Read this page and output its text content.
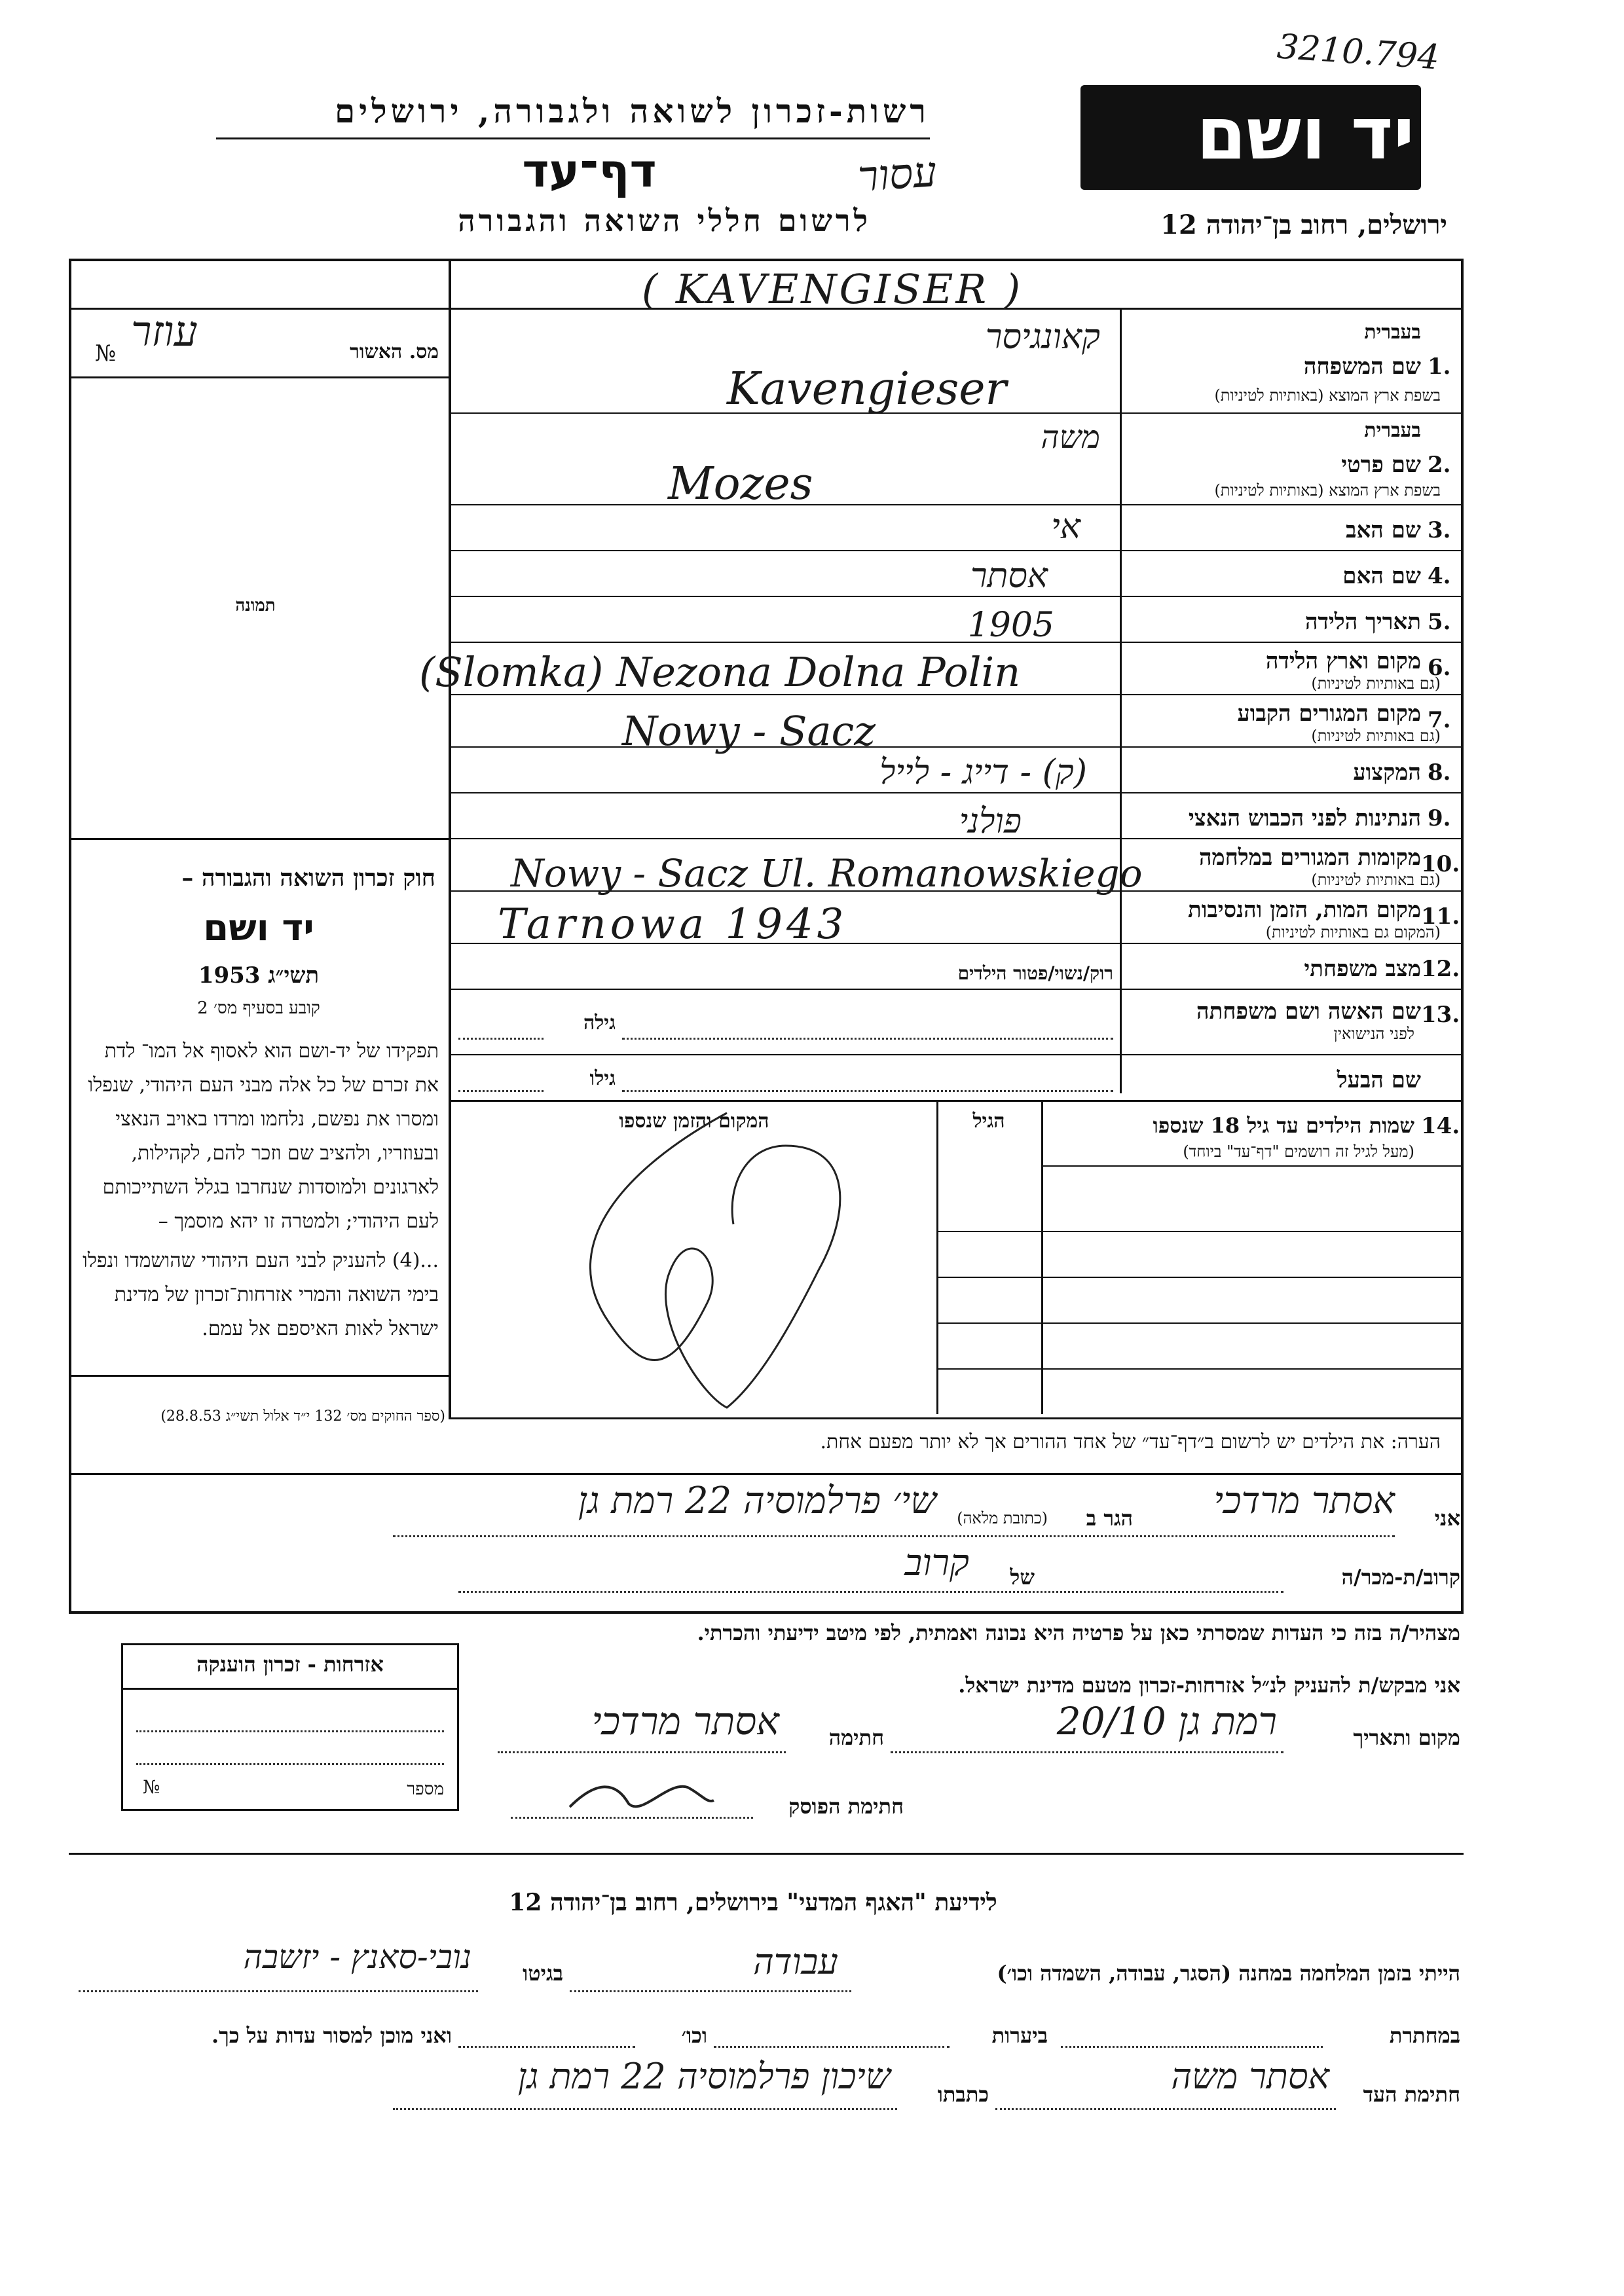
3210.794
יד ושם
רשות-זכרון לשואה ולגבורה, ירושלים
דף־עד	עסור
לרשום חללי השואה והגבורה	ירושלים, רחוב בן־יהודה 12
( KAVENGISER )
№	מס. האשור
עוזר
תמונה
חוק זכרון השואה והגבורה –
יד ושם
תשי״ג 1953
קובע בסעיף מס׳ 2
תפקידו של יד-ושם הוא לאסוף אל המו־ לדת את זכרם של כל אלה מבני העם היהודי, שנפלו ומסרו את נפשם, נלחמו ומרדו באויב הנאצי ובעוזריו, ולהציב שם וזכר להם, לקהילות, לארגונים ולמוסדות שנחרבו בגלל השתייכותם לעם היהודי; ולמטרה זו יהא מוסמך –
...(4) להעניק לבני העם היהודי שהושמדו ונפלו בימי השואה והמרי אזרחות־זכרון של מדינת ישראל לאות האיספם אל עמם.
(ספר החוקים מס׳ 132 י״ד אלול תשי״ג 28.8.53)
בעברית
שם המשפחה 1.
בשפת ארץ המוצא (באותיות לטיניות)
קאונגיסר
Kavengieser
בעברית
שם פרטי 2.
בשפת ארץ המוצא (באותיות לטיניות)
משה
Mozes
שם האב 3.
אי
שם האם 4.
אסתר
תאריך הלידה 5.
1905
מקום וארץ הלידה 6.
(גם באותיות לטיניות)
(Slomka) Nezona Dolna Polin
מקום המגורים הקבוע 7.
(גם באותיות לטיניות)
Nowy - Sacz
המקצוע 8.
(ק) - דייג - לייל
הנתינות לפני הכבוש הנאצי 9.
פולני
מקומות המגורים במלחמה 10.
(גם באותיות לטיניות)
Nowy - Sacz Ul. Romanowskiego
מקום המות, הזמן והנסיבות 11.
(המקום גם באותיות לטיניות)
Tarnowa 1943
מצב משפחתי 12.
רוק/נשוי/פטור הילדים
שם האשה ושם משפחתה 13.
לפני הנישואין
גילה
שם הבעל
גילו
שמות הילדים עד גיל 18 שנספו 14.
(מעל לגיל זה רושמים "דף־עד" ביוחד)
הגיל
המקום והזמן שנספו
הערה: את הילדים יש לרשום ב״דף־עד״ של אחד ההורים אך לא יותר מפעם אחת.
אני
אסתר מרדכי
הגר ב
(כתובת מלאה)
שי׳ פרלמוסיה 22 רמת גן
קרוב/ת-מכר/ה
של
קרוב
מצהיר/ה בזה כי העדות שמסרתי כאן על פרטיה היא נכונה ואמתית, לפי מיטב ידיעתי והכרתי.
אני מבקש/ת להעניק לנ״ל אזרחות-זכרון מטעם מדינת ישראל.
מקום ותאריך
רמת גן 20/10
חתימה
אסתר מרדכי
חתימת הפוסק
אזרחות - זכרון הוענקה
№	מספר
לידיעת "האגף המדעי" בירושלים, רחוב בן־יהודה 12
הייתי בזמן המלחמה במחנה (הסגר, עבודה, השמדה וכו׳)
עבודה
בגיטו
נובי-סאנץ - יזשבה
במחתרת
ביערות
וכו׳
ואני מוכן למסור עדות על כך.
חתימת העד
אסתר משה
כתבתו
שיכון פרלמוסיה 22 רמת גן
